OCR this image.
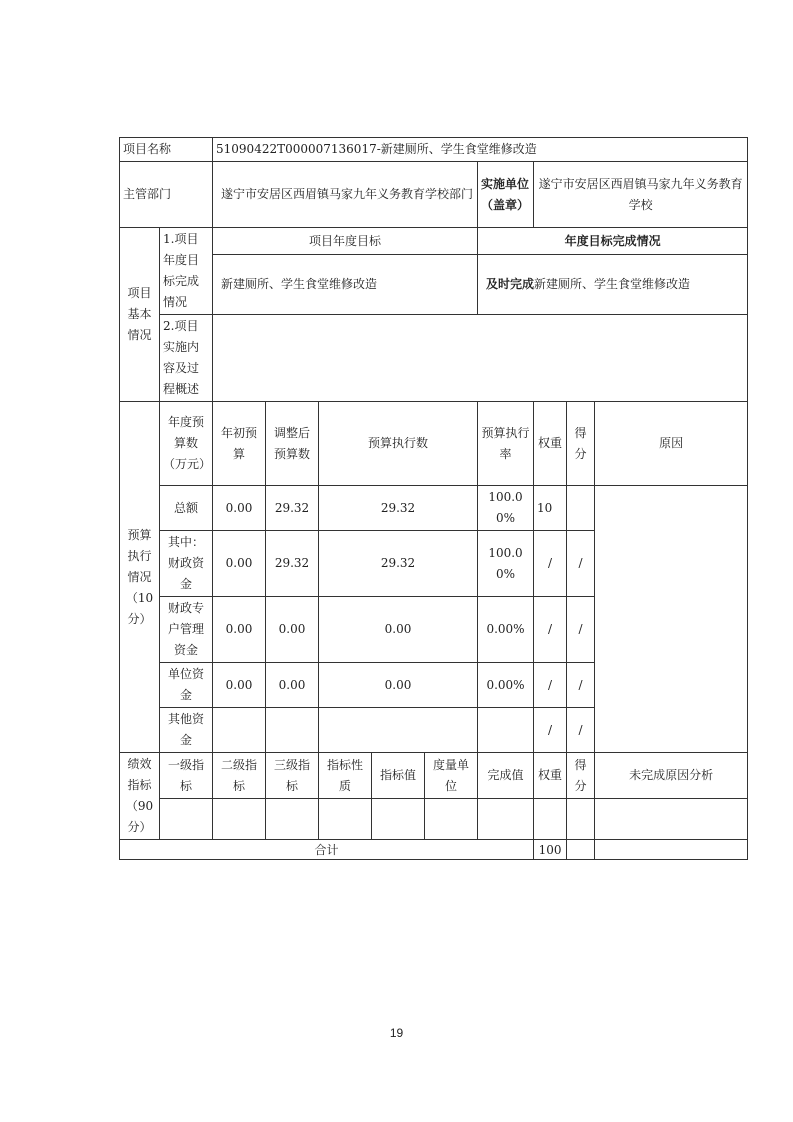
项目名称		51090422T000007136017-新建厕所、学生食堂维修改造								
主管部门		遂宁市安居区西眉镇马家九年义务教育学校部门					实施单位（盖章）	遂宁市安居区西眉镇马家九年义务教育学校		
项目基本情况	1.项目年度目标完成情况	项目年度目标					年度目标完成情况			
		新建厕所、学生食堂维修改造					及时完成新建厕所、学生食堂维修改造			
	2.项目实施内容及过程概述									
预算执行情况（10分）	年度预算数（万元）	年初预算	调整后预算数	预算执行数			预算执行率	权重	得分	原因
	总额	0.00	29.32	29.32			100.00%	10		
	其中：财政资金	0.00	29.32	29.32			100.00%	/	/	
	财政专户管理资金	0.00	0.00	0.00			0.00%	/	/	
	单位资金	0.00	0.00	0.00			0.00%	/	/	
	其他资金							/	/	
绩效指标（90分）	一级指标	二级指标	三级指标	指标性质	指标值	度量单位	完成值	权重	得分	未完成原因分析

合计								100		
19
